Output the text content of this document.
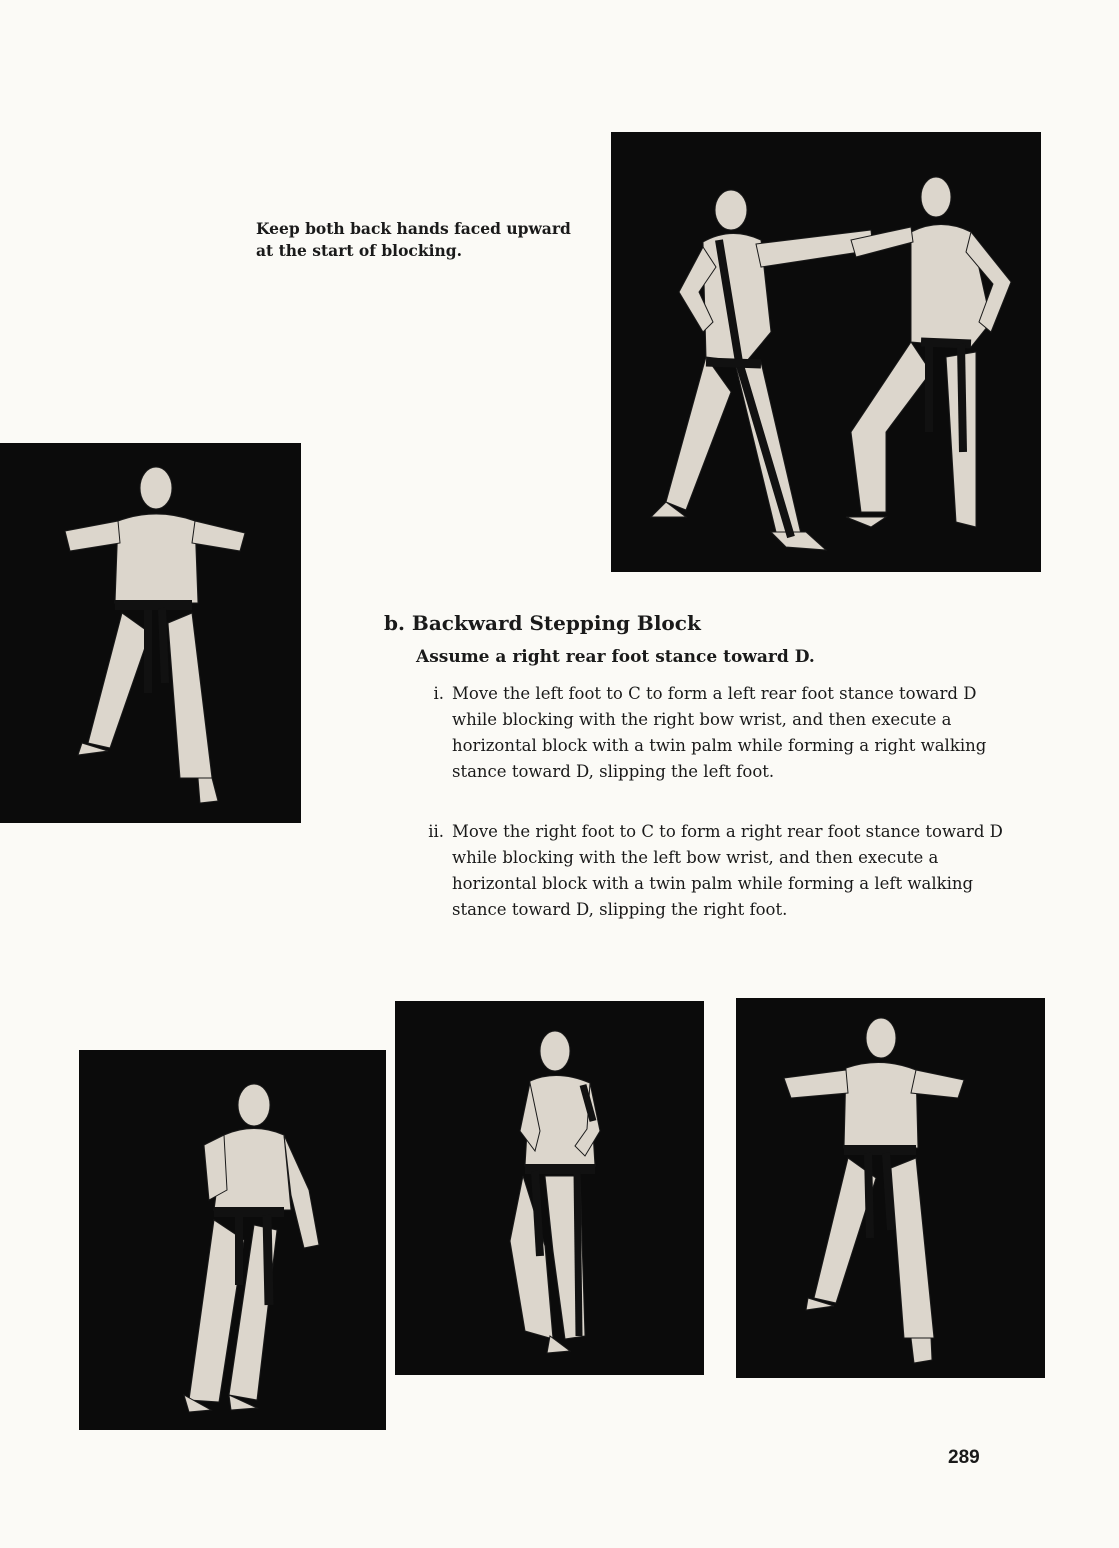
Keep both back hands faced upward
at the start of blocking.
b. Backward Stepping Block
Assume a right rear foot stance toward D.
i. Move the left foot to C to form a left rear foot stance toward D while blocking with the right bow wrist, and then execute a horizontal block with a twin palm while forming a right walking stance toward D, slipping the left foot.
ii. Move the right foot to C to form a right rear foot stance toward D while blocking with the left bow wrist, and then execute a horizontal block with a twin palm while forming a left walking stance toward D, slipping the right foot.
289
